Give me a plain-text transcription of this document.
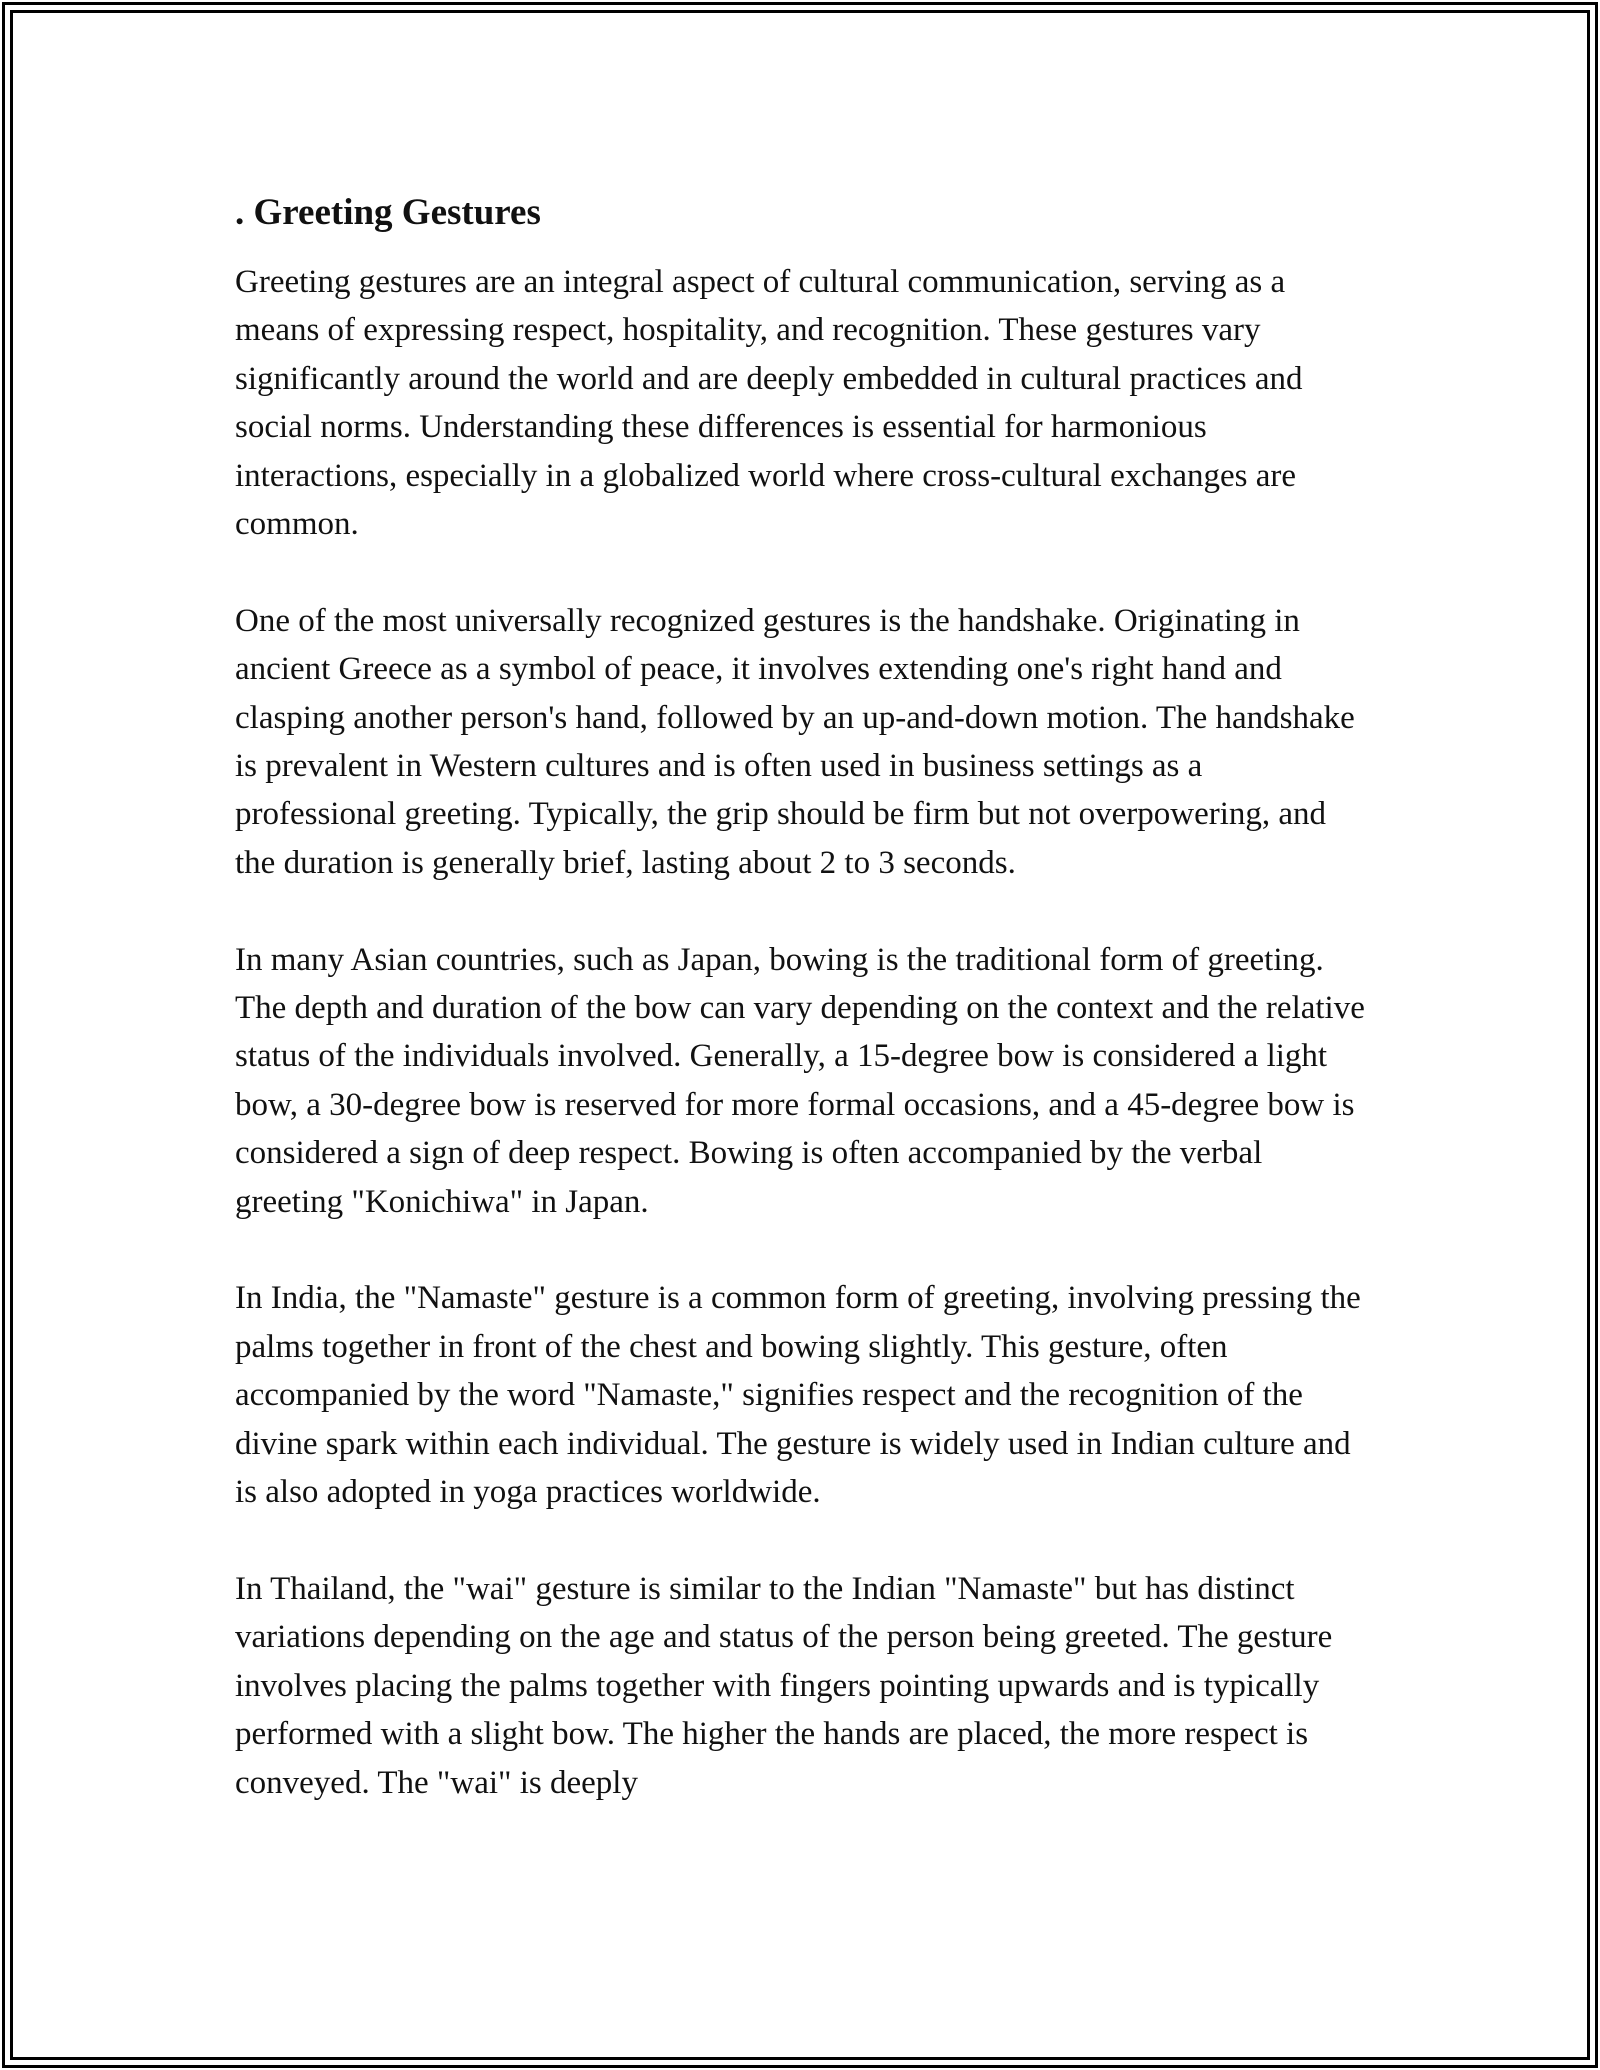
. Greeting Gestures

Greeting gestures are an integral aspect of cultural communication, serving as a means of expressing respect, hospitality, and recognition. These gestures vary significantly around the world and are deeply embedded in cultural practices and social norms. Understanding these differences is essential for harmonious interactions, especially in a globalized world where cross-cultural exchanges are common.

One of the most universally recognized gestures is the handshake. Originating in ancient Greece as a symbol of peace, it involves extending one's right hand and clasping another person's hand, followed by an up-and-down motion. The handshake is prevalent in Western cultures and is often used in business settings as a professional greeting. Typically, the grip should be firm but not overpowering, and the duration is generally brief, lasting about 2 to 3 seconds.

In many Asian countries, such as Japan, bowing is the traditional form of greeting. The depth and duration of the bow can vary depending on the context and the relative status of the individuals involved. Generally, a 15-degree bow is considered a light bow, a 30-degree bow is reserved for more formal occasions, and a 45-degree bow is considered a sign of deep respect. Bowing is often accompanied by the verbal greeting "Konichiwa" in Japan.

In India, the "Namaste" gesture is a common form of greeting, involving pressing the palms together in front of the chest and bowing slightly. This gesture, often accompanied by the word "Namaste," signifies respect and the recognition of the divine spark within each individual. The gesture is widely used in Indian culture and is also adopted in yoga practices worldwide.

In Thailand, the "wai" gesture is similar to the Indian "Namaste" but has distinct variations depending on the age and status of the person being greeted. The gesture involves placing the palms together with fingers pointing upwards and is typically performed with a slight bow. The higher the hands are placed, the more respect is conveyed. The "wai" is deeply
